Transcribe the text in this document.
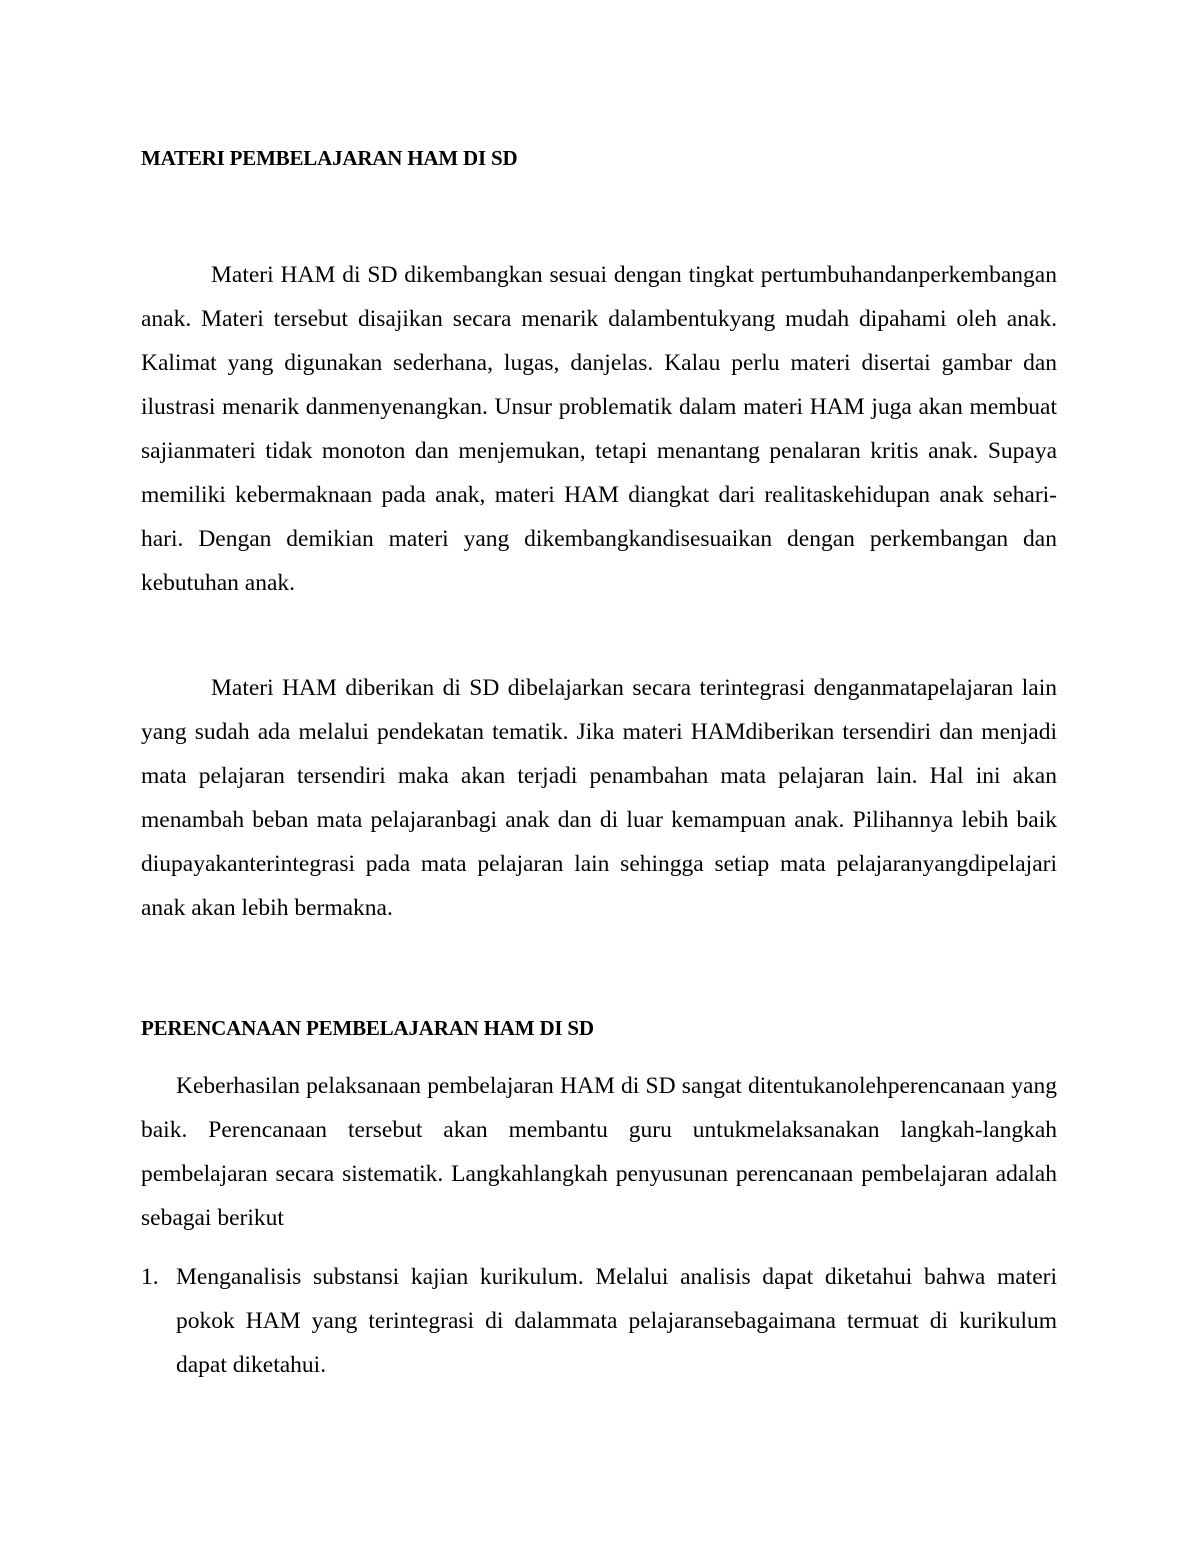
MATERI PEMBELAJARAN HAM DI SD

Materi HAM di SD dikembangkan sesuai dengan tingkat pertumbuhandanperkembangan anak. Materi tersebut disajikan secara menarik dalambentukyang mudah dipahami oleh anak. Kalimat yang digunakan sederhana, lugas, danjelas. Kalau perlu materi disertai gambar dan ilustrasi menarik danmenyenangkan. Unsur problematik dalam materi HAM juga akan membuat sajianmateri tidak monoton dan menjemukan, tetapi menantang penalaran kritis anak. Supaya memiliki kebermaknaan pada anak, materi HAM diangkat dari realitaskehidupan anak sehari-hari. Dengan demikian materi yang dikembangkandisesuaikan dengan perkembangan dan kebutuhan anak.

Materi HAM diberikan di SD dibelajarkan secara terintegrasi denganmatapelajaran lain yang sudah ada melalui pendekatan tematik. Jika materi HAMdiberikan tersendiri dan menjadi mata pelajaran tersendiri maka akan terjadi penambahan mata pelajaran lain. Hal ini akan menambah beban mata pelajaranbagi anak dan di luar kemampuan anak. Pilihannya lebih baik diupayakanterintegrasi pada mata pelajaran lain sehingga setiap mata pelajaranyangdipelajari anak akan lebih bermakna.

PERENCANAAN PEMBELAJARAN HAM DI SD

Keberhasilan pelaksanaan pembelajaran HAM di SD sangat ditentukanolehperencanaan yang baik. Perencanaan tersebut akan membantu guru untukmelaksanakan langkah-langkah pembelajaran secara sistematik. Langkahlangkah penyusunan perencanaan pembelajaran adalah sebagai berikut

1. Menganalisis substansi kajian kurikulum. Melalui analisis dapat diketahui bahwa materi pokok HAM yang terintegrasi di dalammata pelajaransebagaimana termuat di kurikulum dapat diketahui.
